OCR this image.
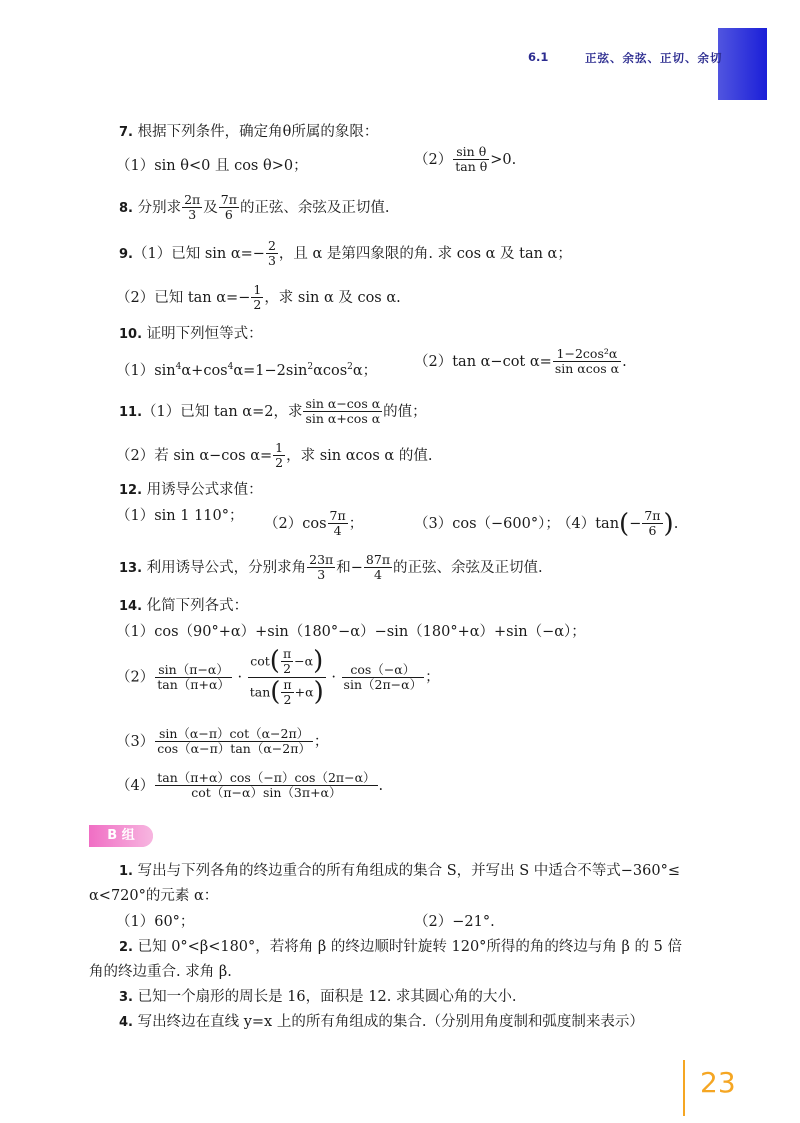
6.1	正弦、余弦、正切、余切
7. 根据下列条件，确定角θ所属的象限：
（1）sin θ<0 且 cos θ>0；	$(2) \frac{\text{sin θ}}{\text{tan θ}} >0$.
8. 分别求 $\frac{2\pi}{3}$ 及 $\frac{7\pi}{6}$ 的正弦、余弦及正切值.
9.（1）已知 $\sin \alpha=- \frac{2}{3}$ ，且 α 是第四象限的角. 求 cos α 及 tan α；
（2）已知 $\tan \alpha=- \frac{1}{2}$ ，求 sin α 及 cos α.
10. 证明下列恒等式：
$(1)\sin^4\alpha+\cos^4\alpha=1-2\sin^2\alpha\cos^2\alpha$；
（2）tan α−cot $\alpha= \frac{\text{1−2cos²α}}{\text{sin αcos α}}$ .
11.（1）已知 tan α=2，求 $\frac{\text{sin α−cos α}}{\text{sin α+cos α}}$ 的值；
（2）若 sin α−cos $\alpha= \frac{1}{2}$ ，求 sin αcos α 的值.
12. 用诱导公式求值：
（1）sin 1 110°； $(2)\cos \frac{7\pi}{4}$ ；	（3）cos（−600°）；
$(4)\tan(- \frac{7\pi}{6}$ ).
13. 利用诱导公式，分别求角 $\frac{23\pi}{3}$ 和− $\frac{87\pi}{4}$ 的正弦、余弦及正切值.
14. 化简下列各式：
（1）cos（90°+α）+sin（180°−α）−sin（180°+α）+sin（−α）；
$(2) \frac{\sin(\pi-\alpha)}{\tan(\pi+\alpha)} \cdot \frac{\cot( \frac{\pi}{2} -\alpha)}{\tan( \frac{\pi}{2} +\alpha)} \cdot \frac{\cos(-\alpha)}{\sin(2\pi-\alpha)}$ ；
$(3) \frac{\sin(\alpha-\pi)\cot(\alpha-2\pi)}{\cos(\alpha-\pi)\tan(\alpha-2\pi)}$ ；
$(4) \frac{\tan(\pi+\alpha)\cos(-\pi)\cos(2\pi-\alpha)}{\cot(\pi-\alpha)\sin(3\pi+\alpha)}$ .
B 组
1. 写出与下列各角的终边重合的所有角组成的集合 S，并写出 S 中适合不等式−360°≤
α<720°的元素 α：
（1）60°；	（2）−21°.
2. 已知 0°<β<180°，若将角 β 的终边顺时针旋转 120°所得的角的终边与角 β 的 5 倍
角的终边重合. 求角 β.
3. 已知一个扇形的周长是 16，面积是 12. 求其圆心角的大小.
4. 写出终边在直线 y=x 上的所有角组成的集合.（分别用角度制和弧度制来表示）
23
